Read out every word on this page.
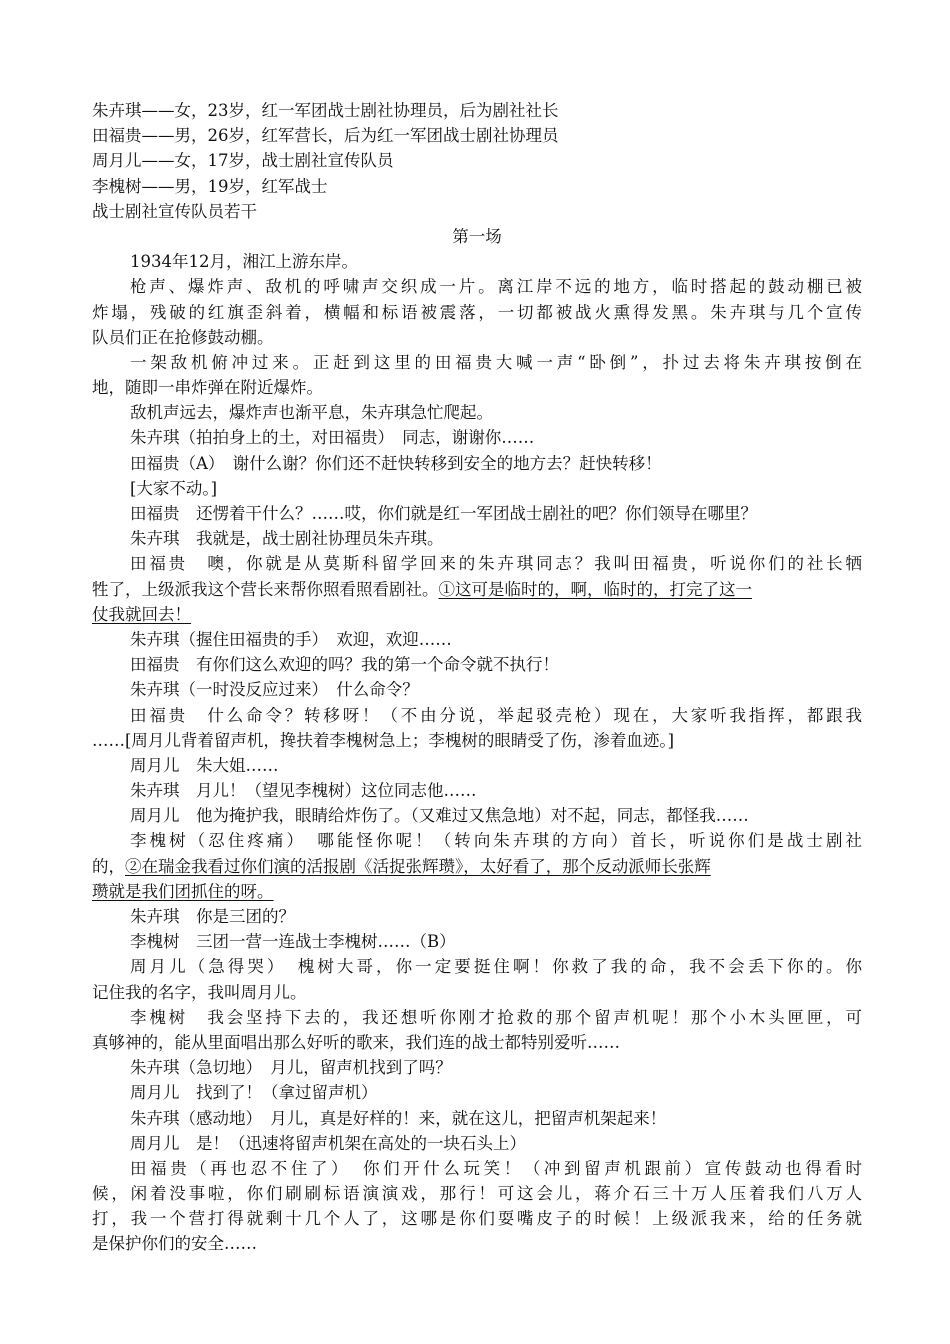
朱卉琪——女，23岁，红一军团战士剧社协理员，后为剧社社长
田福贵——男，26岁，红军营长，后为红一军团战士剧社协理员
周月儿——女，17岁，战士剧社宣传队员
李槐树——男，19岁，红军战士
战士剧社宣传队员若干
第一场
1934年12月，湘江上游东岸。
枪声、爆炸声、敌机的呼啸声交织成一片。离江岸不远的地方，临时搭起的鼓动棚已被
炸塌，残破的红旗歪斜着，横幅和标语被震落，一切都被战火熏得发黑。朱卉琪与几个宣传
队员们正在抢修鼓动棚。
一架敌机俯冲过来。正赶到这里的田福贵大喊一声“卧倒”，扑过去将朱卉琪按倒在
地，随即一串炸弹在附近爆炸。
敌机声远去，爆炸声也渐平息，朱卉琪急忙爬起。
朱卉琪（拍拍身上的土，对田福贵）　同志，谢谢你……
田福贵（A）　谢什么谢？你们还不赶快转移到安全的地方去？赶快转移！
[大家不动。]
田福贵　还愣着干什么？……哎，你们就是红一军团战士剧社的吧？你们领导在哪里？
朱卉琪　我就是，战士剧社协理员朱卉琪。
田福贵　噢，你就是从莫斯科留学回来的朱卉琪同志？我叫田福贵，听说你们的社长牺
牲了，上级派我这个营长来帮你照看照看剧社。①这可是临时的，啊，临时的，打完了这一
仗我就回去！
朱卉琪（握住田福贵的手）　欢迎，欢迎……
田福贵　有你们这么欢迎的吗？我的第一个命令就不执行！
朱卉琪（一时没反应过来）　什么命令？
田福贵　什么命令？转移呀！（不由分说，举起驳壳枪）现在，大家听我指挥，都跟我
……[周月儿背着留声机，搀扶着李槐树急上；李槐树的眼睛受了伤，渗着血迹。]
周月儿　朱大姐……
朱卉琪　月儿！（望见李槐树）这位同志他……
周月儿　他为掩护我，眼睛给炸伤了。（又难过又焦急地）对不起，同志，都怪我……
李槐树（忍住疼痛）　哪能怪你呢！（转向朱卉琪的方向）首长，听说你们是战士剧社
的，②在瑞金我看过你们演的活报剧《活捉张辉瓒》，太好看了，那个反动派师长张辉
瓒就是我们团抓住的呀。
朱卉琪　你是三团的？
李槐树　三团一营一连战士李槐树……（B）
周月儿（急得哭）　槐树大哥，你一定要挺住啊！你救了我的命，我不会丢下你的。你
记住我的名字，我叫周月儿。
李槐树　我会坚持下去的，我还想听你刚才抢救的那个留声机呢！那个小木头匣匣，可
真够神的，能从里面唱出那么好听的歌来，我们连的战士都特别爱听……
朱卉琪（急切地）　月儿，留声机找到了吗？
周月儿　找到了！（拿过留声机）
朱卉琪（感动地）　月儿，真是好样的！来，就在这儿，把留声机架起来！
周月儿　是！（迅速将留声机架在高处的一块石头上）
田福贵（再也忍不住了）　你们开什么玩笑！（冲到留声机跟前）宣传鼓动也得看时
候，闲着没事啦，你们刷刷标语演演戏，那行！可这会儿，蒋介石三十万人压着我们八万人
打，我一个营打得就剩十几个人了，这哪是你们耍嘴皮子的时候！上级派我来，给的任务就
是保护你们的安全……
